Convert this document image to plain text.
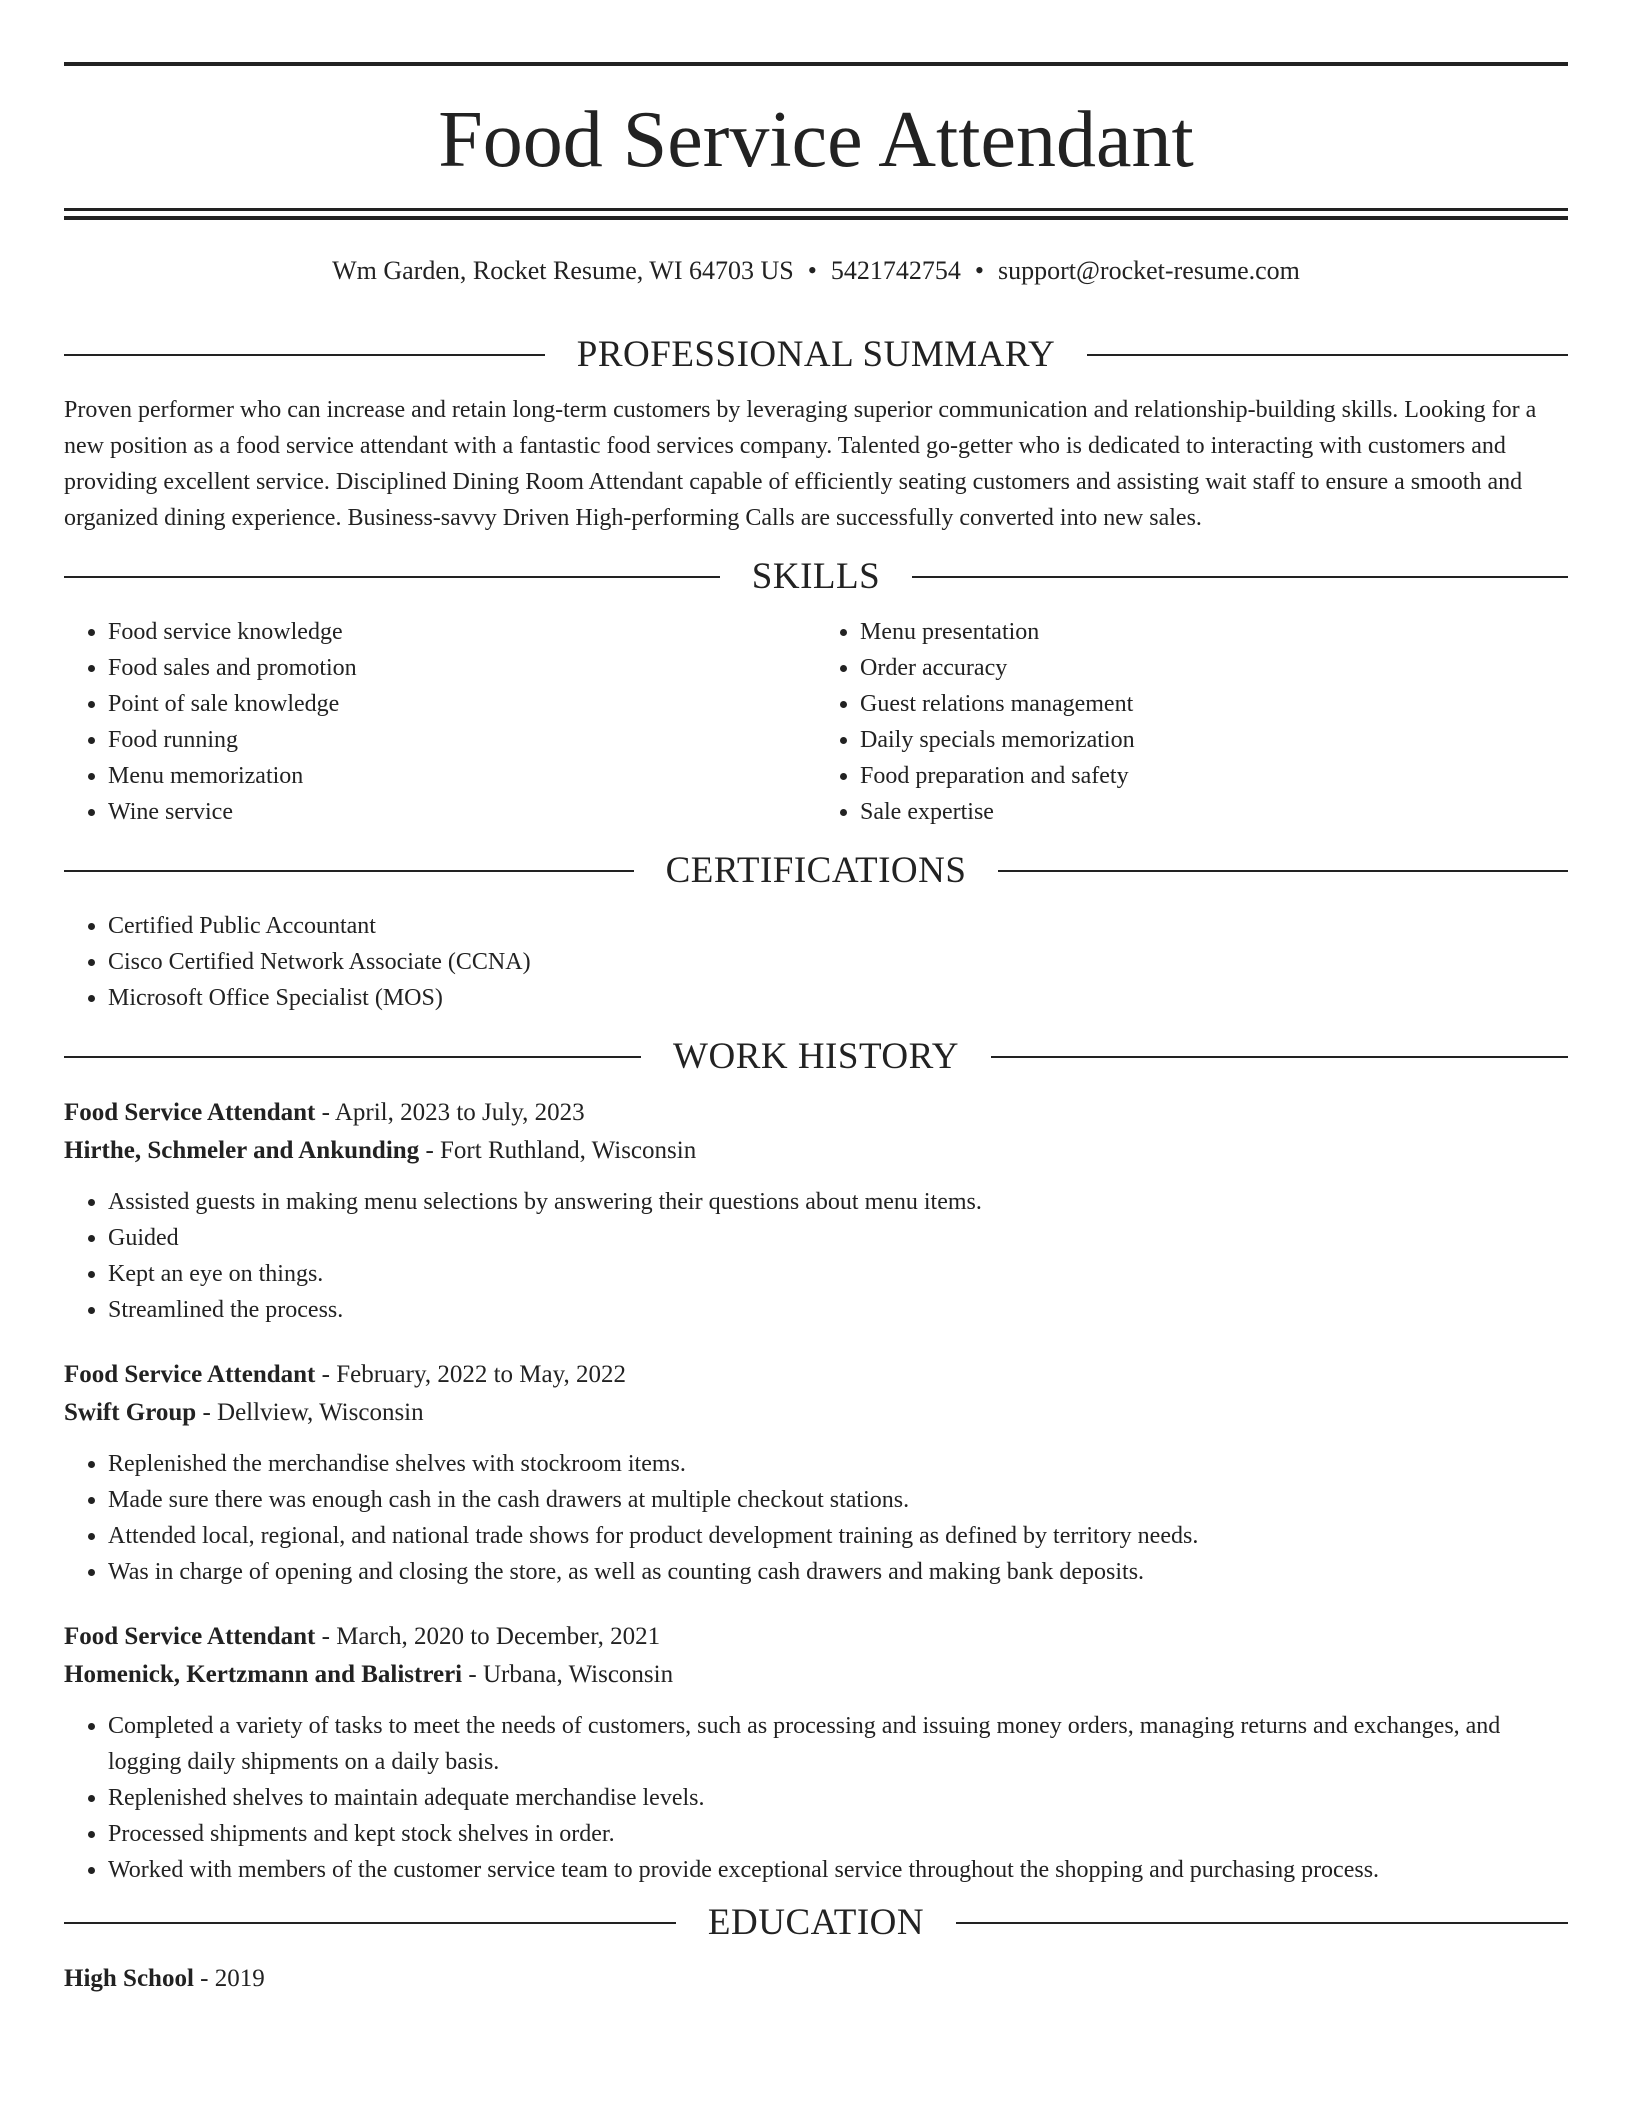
Food Service Attendant
Wm Garden, Rocket Resume, WI 64703 US • 5421742754 • support@rocket-resume.com
PROFESSIONAL SUMMARY

Proven performer who can increase and retain long-term customers by leveraging superior communication and relationship-building skills. Looking for a new position as a food service attendant with a fantastic food services company. Talented go-getter who is dedicated to interacting with customers and providing excellent service. Disciplined Dining Room Attendant capable of efficiently seating customers and assisting wait staff to ensure a smooth and organized dining experience. Business-savvy Driven High-performing Calls are successfully converted into new sales.

SKILLS
• Food service knowledge
• Food sales and promotion
• Point of sale knowledge
• Food running
• Menu memorization
• Wine service
• Menu presentation
• Order accuracy
• Guest relations management
• Daily specials memorization
• Food preparation and safety
• Sale expertise
CERTIFICATIONS
• Certified Public Accountant
• Cisco Certified Network Associate (CCNA)
• Microsoft Office Specialist (MOS)
WORK HISTORY
Food Service Attendant - April, 2023 to July, 2023
Hirthe, Schmeler and Ankunding - Fort Ruthland, Wisconsin
• Assisted guests in making menu selections by answering their questions about menu items.
• Guided
• Kept an eye on things.
• Streamlined the process.
Food Service Attendant - February, 2022 to May, 2022
Swift Group - Dellview, Wisconsin
• Replenished the merchandise shelves with stockroom items.
• Made sure there was enough cash in the cash drawers at multiple checkout stations.
• Attended local, regional, and national trade shows for product development training as defined by territory needs.
• Was in charge of opening and closing the store, as well as counting cash drawers and making bank deposits.
Food Service Attendant - March, 2020 to December, 2021
Homenick, Kertzmann and Balistreri - Urbana, Wisconsin
• Completed a variety of tasks to meet the needs of customers, such as processing and issuing money orders, managing returns and exchanges, and logging daily shipments on a daily basis.
• Replenished shelves to maintain adequate merchandise levels.
• Processed shipments and kept stock shelves in order.
• Worked with members of the customer service team to provide exceptional service throughout the shopping and purchasing process.
EDUCATION
High School - 2019
